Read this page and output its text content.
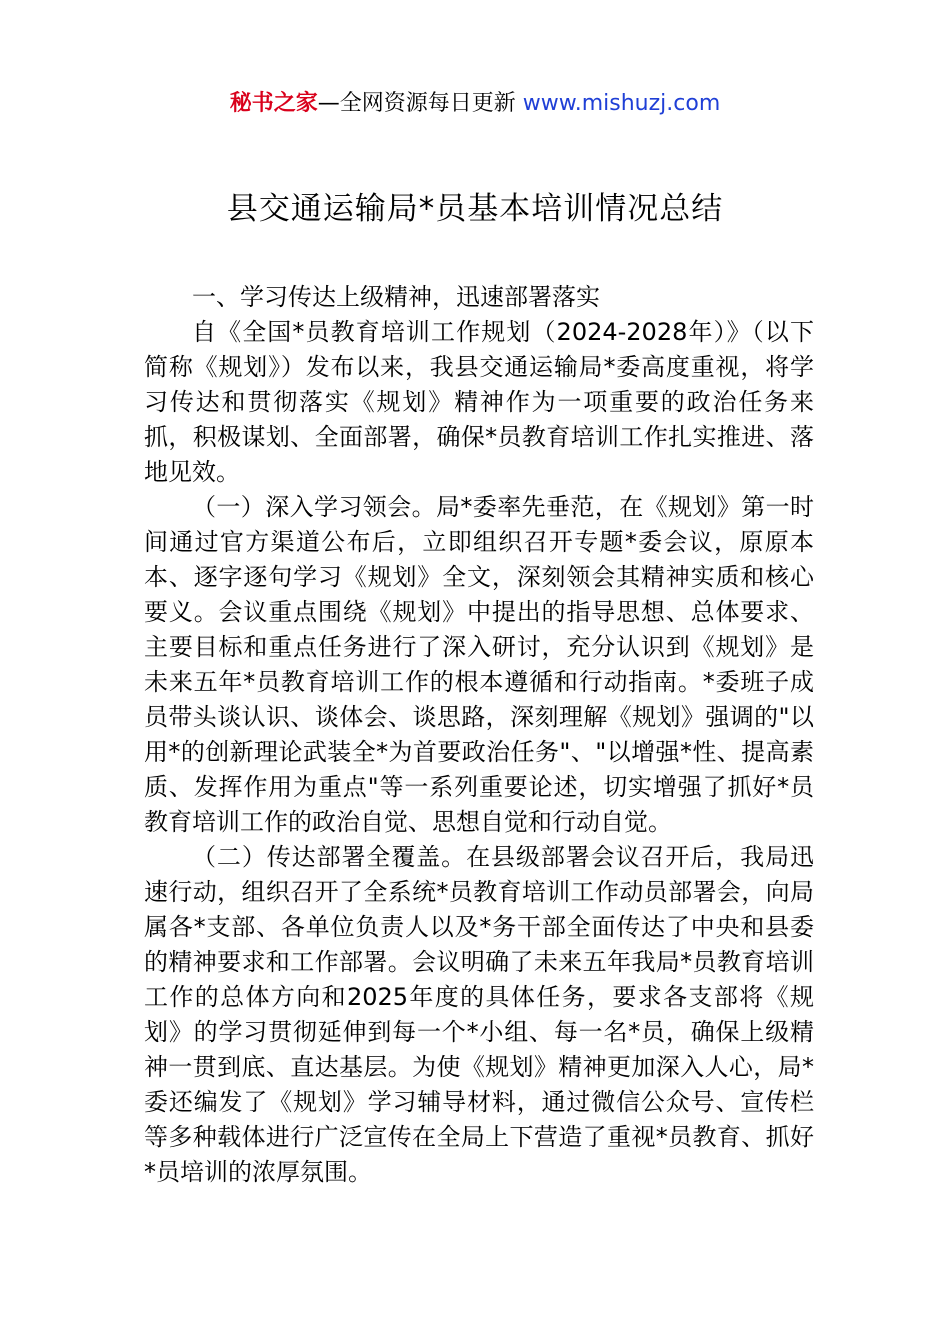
秘书之家—全网资源每日更新 www.mishuzj.com
县交通运输局*员基本培训情况总结

一、学习传达上级精神，迅速部署落实

自《全国*员教育培训工作规划（2024-2028年）》（以下简称《规划》）发布以来，我县交通运输局*委高度重视，将学习传达和贯彻落实《规划》精神作为一项重要的政治任务来抓，积极谋划、全面部署，确保*员教育培训工作扎实推进、落地见效。

（一）深入学习领会。局*委率先垂范，在《规划》第一时间通过官方渠道公布后，立即组织召开专题*委会议，原原本本、逐字逐句学习《规划》全文，深刻领会其精神实质和核心要义。会议重点围绕《规划》中提出的指导思想、总体要求、主要目标和重点任务进行了深入研讨，充分认识到《规划》是未来五年*员教育培训工作的根本遵循和行动指南。*委班子成员带头谈认识、谈体会、谈思路，深刻理解《规划》强调的"以用*的创新理论武装全*为首要政治任务"、"以增强*性、提高素质、发挥作用为重点"等一系列重要论述，切实增强了抓好*员教育培训工作的政治自觉、思想自觉和行动自觉。

（二）传达部署全覆盖。在县级部署会议召开后，我局迅速行动，组织召开了全系统*员教育培训工作动员部署会，向局属各*支部、各单位负责人以及*务干部全面传达了中央和县委的精神要求和工作部署。会议明确了未来五年我局*员教育培训工作的总体方向和2025年度的具体任务，要求各支部将《规划》的学习贯彻延伸到每一个*小组、每一名*员，确保上级精神一贯到底、直达基层。为使《规划》精神更加深入人心，局*委还编发了《规划》学习辅导材料，通过微信公众号、宣传栏等多种载体进行广泛宣传在全局上下营造了重视*员教育、抓好*员培训的浓厚氛围。
